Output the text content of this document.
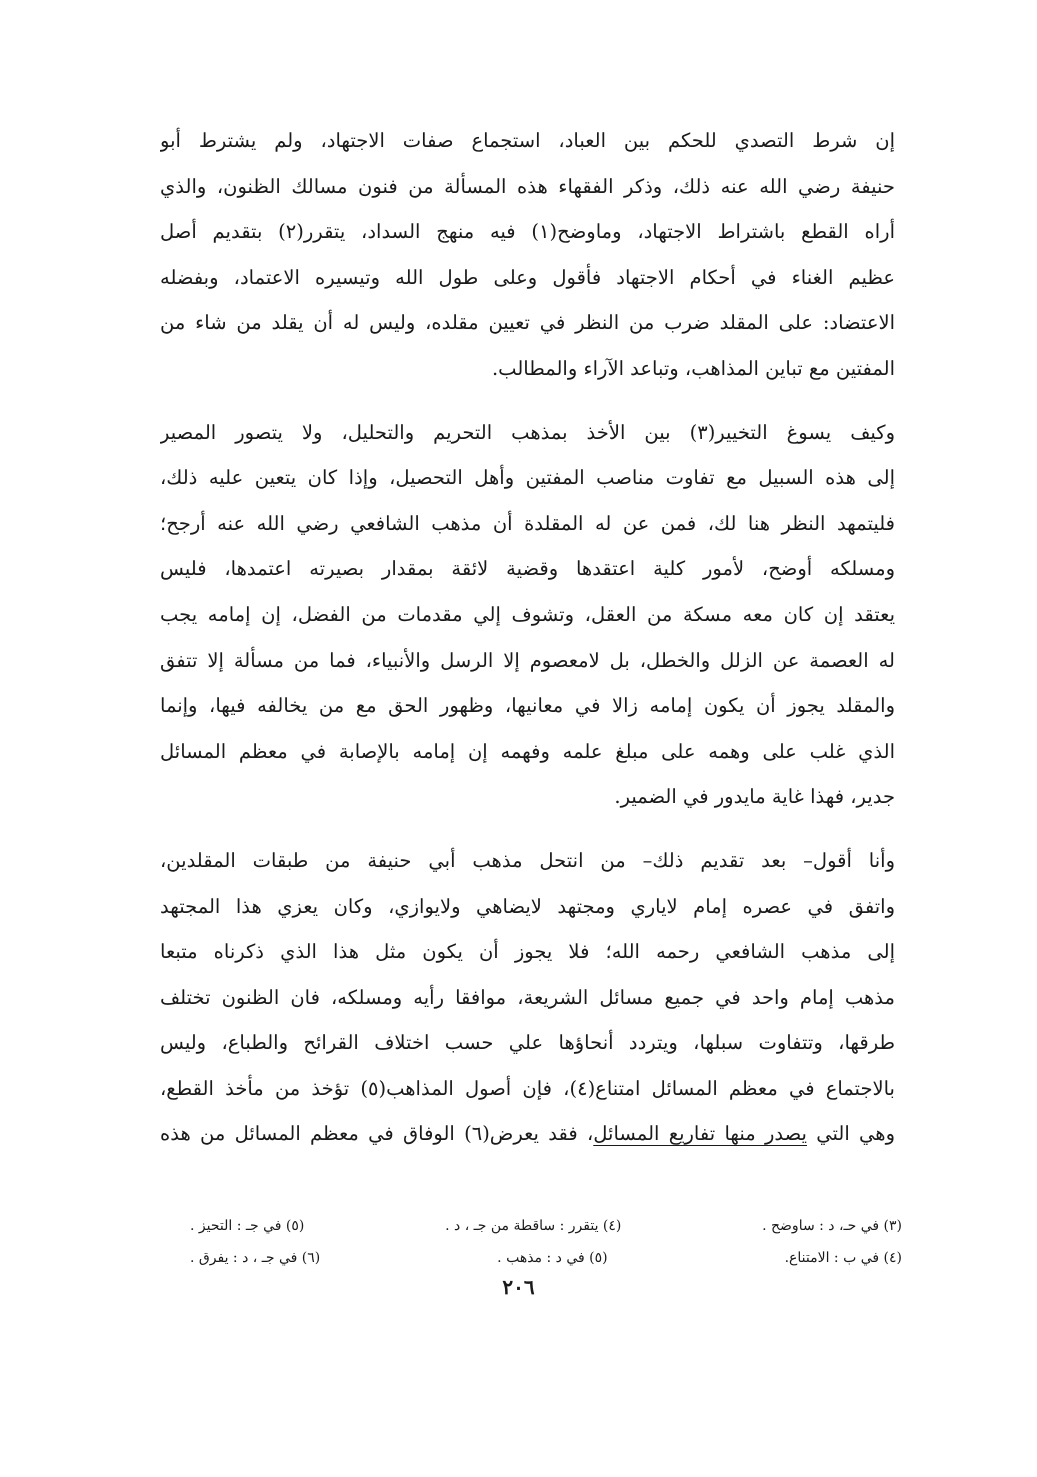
إن شرط التصدي للحكم بين العباد، استجماع صفات الاجتهاد، ولم يشترط أبو
حنيفة رضي الله عنه ذلك، وذكر الفقهاء هذه المسألة من فنون مسالك الظنون، والذي
أراه القطع باشتراط الاجتهاد، وماوضح(١) فيه منهج السداد، يتقرر(٢) بتقديم أصل
عظيم الغناء في أحكام الاجتهاد فأقول وعلى طول الله وتيسيره الاعتماد، وبفضله
الاعتضاد: على المقلد ضرب من النظر في تعيين مقلده، وليس له أن يقلد من شاء من
المفتين مع تباين المذاهب، وتباعد الآراء والمطالب.
وكيف يسوغ التخيير(٣) بين الأخذ بمذهب التحريم والتحليل، ولا يتصور المصير
إلى هذه السبيل مع تفاوت مناصب المفتين وأهل التحصيل، وإذا كان يتعين عليه ذلك،
فليتمهد النظر هنا لك، فمن عن له المقلدة أن مذهب الشافعي رضي الله عنه أرجح؛
ومسلكه أوضح، لأمور كلية اعتقدها وقضية لائقة بمقدار بصيرته اعتمدها، فليس
يعتقد إن كان معه مسكة من العقل، وتشوف إلي مقدمات من الفضل، إن إمامه يجب
له العصمة عن الزلل والخطل، بل لامعصوم إلا الرسل والأنبياء، فما من مسألة إلا تتفق
والمقلد يجوز أن يكون إمامه زالا في معانيها، وظهور الحق مع من يخالفه فيها، وإنما
الذي غلب على وهمه على مبلغ علمه وفهمه إن إمامه بالإصابة في معظم المسائل
جدير، فهذا غاية مايدور في الضمير.
وأنا أقول– بعد تقديم ذلك– من انتحل مذهب أبي حنيفة من طبقات المقلدين،
واتفق في عصره إمام لاياري ومجتهد لايضاهي ولايوازي، وكان يعزي هذا المجتهد
إلى مذهب الشافعي رحمه الله؛ فلا يجوز أن يكون مثل هذا الذي ذكرناه متبعا
مذهب إمام واحد في جميع مسائل الشريعة، موافقا رأيه ومسلكه، فان الظنون تختلف
طرقها، وتتفاوت سبلها، ويتردد أنحاؤها علي حسب اختلاف القرائح والطباع، وليس
بالاجتماع في معظم المسائل امتناع(٤)، فإن أصول المذاهب(٥) تؤخذ من مأخذ القطع،
وهي التي يصدر منها تفاريع المسائل، فقد يعرض(٦) الوفاق في معظم المسائل من هذه
(٣) في حـ، د : ساوضح .
(٤) يتقرر : ساقطة من جـ ، د .
(٥) في جـ : التحيز .
(٤) في ب : الامتناع.
(٥) في د : مذهب .
(٦) في جـ ، د : يفرق .
٢٠٦
